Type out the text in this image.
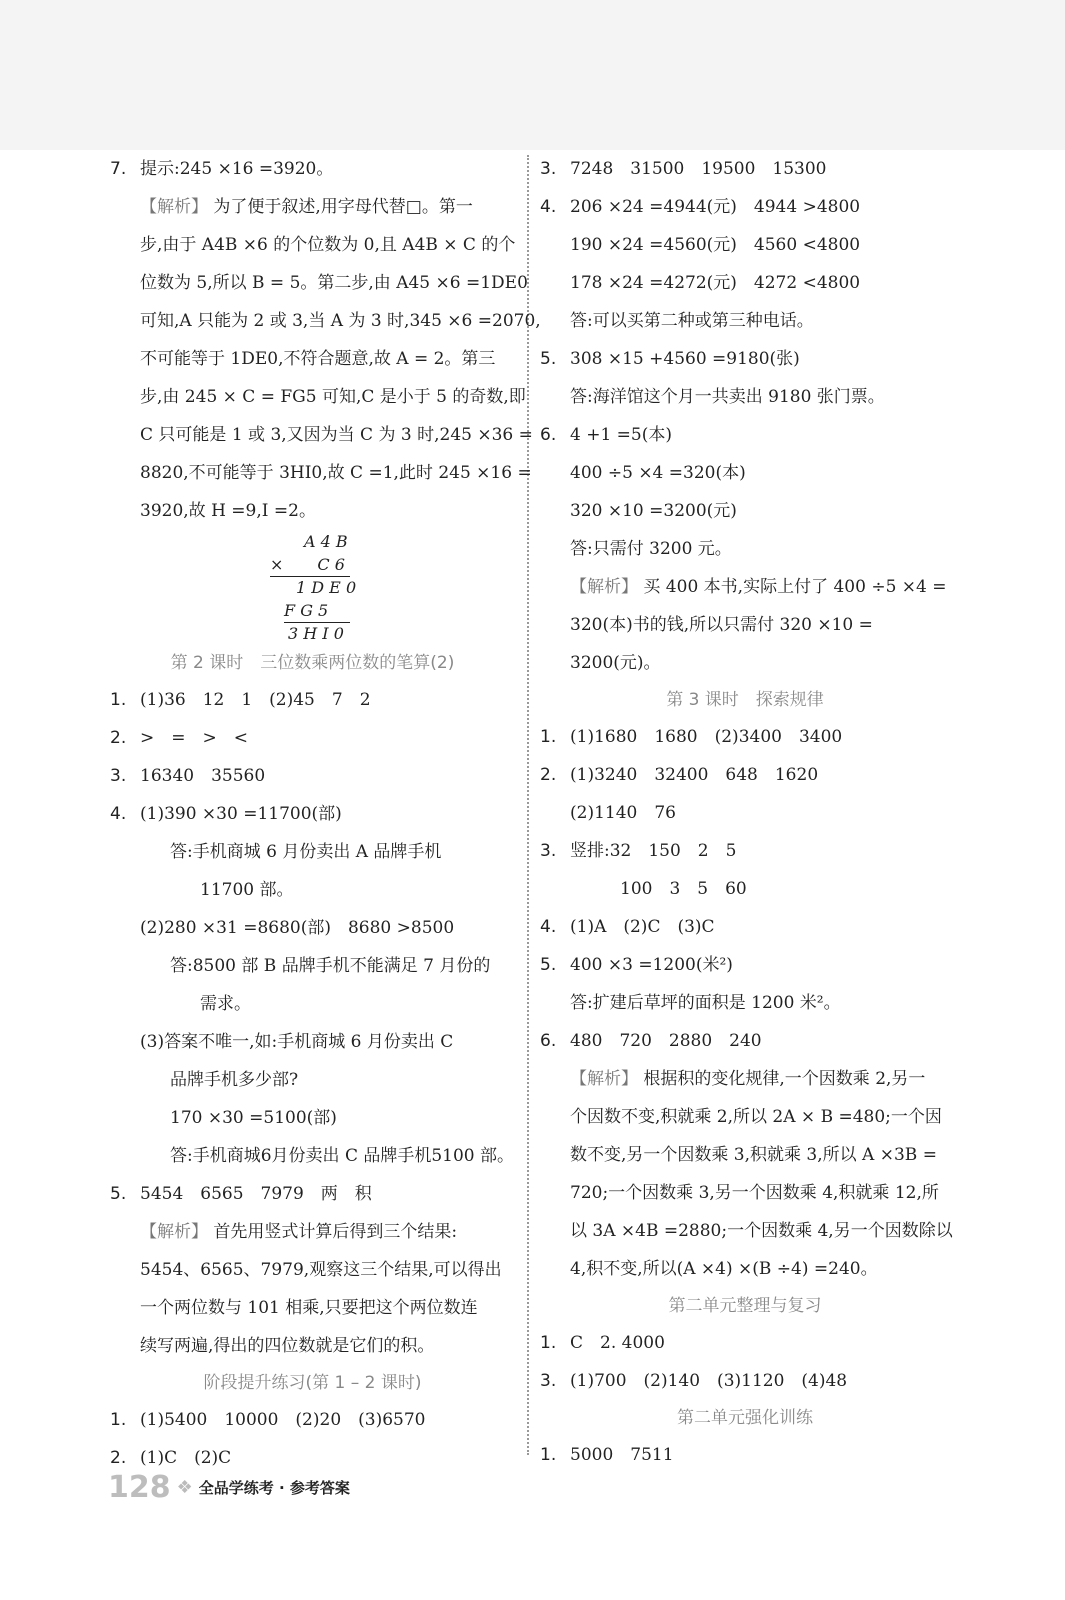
7. 提示:245 ×16 =3920。
【解析】 为了便于叙述,用字母代替□。第一
步,由于 A4B ×6 的个位数为 0,且 A4B × C 的个
位数为 5,所以 B = 5。第二步,由 A45 ×6 =1DE0
可知,A 只能为 2 或 3,当 A 为 3 时,345 ×6 =2070,
不可能等于 1DE0,不符合题意,故 A = 2。第三
步,由 245 × C = FG5 可知,C 是小于 5 的奇数,即
C 只可能是 1 或 3,又因为当 C 为 3 时,245 ×36 =
8820,不可能等于 3HI0,故 C =1,此时 245 ×16 =
3920,故 H =9,I =2。
A 4 B
× C 6
1 D E 0
F G 5
3 H I 0
第 2 课时　三位数乘两位数的笔算(2)
1. (1)36　12　1　(2)45　7　2
2. >　=　>　<
3. 16340　35560
4. (1)390 ×30 =11700(部)
答:手机商城 6 月份卖出 A 品牌手机
11700 部。
(2)280 ×31 =8680(部)　8680 >8500
答:8500 部 B 品牌手机不能满足 7 月份的
需求。
(3)答案不唯一,如:手机商城 6 月份卖出 C
品牌手机多少部?
170 ×30 =5100(部)
答:手机商城6月份卖出 C 品牌手机5100 部。
5. 5454　6565　7979　两　积
【解析】 首先用竖式计算后得到三个结果:
5454、6565、7979,观察这三个结果,可以得出
一个两位数与 101 相乘,只要把这个两位数连
续写两遍,得出的四位数就是它们的积。
阶段提升练习(第 1 – 2 课时)
1. (1)5400　10000　(2)20　(3)6570
2. (1)C　(2)C
3. 7248　31500　19500　15300
4. 206 ×24 =4944(元)　4944 >4800
190 ×24 =4560(元)　4560 <4800
178 ×24 =4272(元)　4272 <4800
答:可以买第二种或第三种电话。
5. 308 ×15 +4560 =9180(张)
答:海洋馆这个月一共卖出 9180 张门票。
6. 4 +1 =5(本)
400 ÷5 ×4 =320(本)
320 ×10 =3200(元)
答:只需付 3200 元。
【解析】 买 400 本书,实际上付了 400 ÷5 ×4 =
320(本)书的钱,所以只需付 320 ×10 =
3200(元)。
第 3 课时　探索规律
1. (1)1680　1680　(2)3400　3400
2. (1)3240　32400　648　1620
(2)1140　76
3. 竖排:32　150　2　5
100　3　5　60
4. (1)A　(2)C　(3)C
5. 400 ×3 =1200(米²)
答:扩建后草坪的面积是 1200 米²。
6. 480　720　2880　240
【解析】 根据积的变化规律,一个因数乘 2,另一
个因数不变,积就乘 2,所以 2A × B =480;一个因
数不变,另一个因数乘 3,积就乘 3,所以 A ×3B =
720;一个因数乘 3,另一个因数乘 4,积就乘 12,所
以 3A ×4B =2880;一个因数乘 4,另一个因数除以
4,积不变,所以(A ×4) ×(B ÷4) =240。
第二单元整理与复习
1. C　2. 4000
3. (1)700　(2)140　(3)1120　(4)48
第二单元强化训练
1. 5000　7511
128 ❖ 全品学练考 · 参考答案
